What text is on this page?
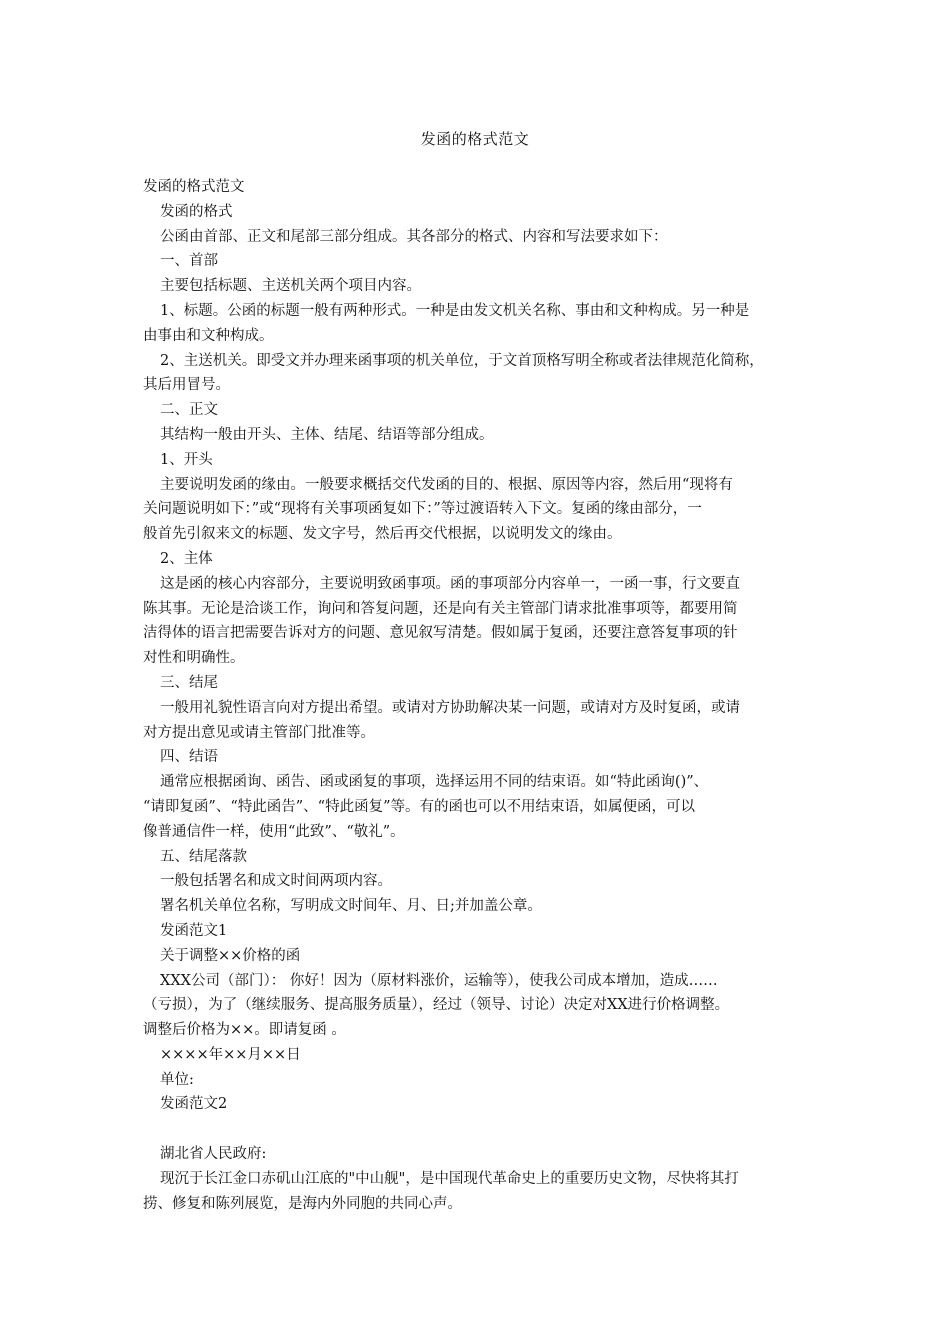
发函的格式范文
发函的格式范文
发函的格式
公函由首部、正文和尾部三部分组成。其各部分的格式、内容和写法要求如下：
一、首部
主要包括标题、主送机关两个项目内容。
1、标题。公函的标题一般有两种形式。一种是由发文机关名称、事由和文种构成。另一种是
由事由和文种构成。
2、主送机关。即受文并办理来函事项的机关单位，于文首顶格写明全称或者法律规范化简称，
其后用冒号。
二、正文
其结构一般由开头、主体、结尾、结语等部分组成。
1、开头
主要说明发函的缘由。一般要求概括交代发函的目的、根据、原因等内容，然后用“现将有
关问题说明如下：”或“现将有关事项函复如下：”等过渡语转入下文。复函的缘由部分，一
般首先引叙来文的标题、发文字号，然后再交代根据，以说明发文的缘由。
2、主体
这是函的核心内容部分，主要说明致函事项。函的事项部分内容单一，一函一事，行文要直
陈其事。无论是洽谈工作，询问和答复问题，还是向有关主管部门请求批准事项等，都要用简
洁得体的语言把需要告诉对方的问题、意见叙写清楚。假如属于复函，还要注意答复事项的针
对性和明确性。
三、结尾
一般用礼貌性语言向对方提出希望。或请对方协助解决某一问题，或请对方及时复函，或请
对方提出意见或请主管部门批准等。
四、结语
通常应根据函询、函告、函或函复的事项，选择运用不同的结束语。如“特此函询()”、
“请即复函”、“特此函告”、“特此函复”等。有的函也可以不用结束语，如属便函，可以
像普通信件一样，使用“此致”、“敬礼”。
五、结尾落款
一般包括署名和成文时间两项内容。
署名机关单位名称，写明成文时间年、月、日;并加盖公章。
发函范文1
关于调整××价格的函
XXX公司（部门）： 你好！因为（原材料涨价，运输等），使我公司成本增加，造成……
（亏损），为了（继续服务、提高服务质量），经过（领导、讨论）决定对XX进行价格调整。
调整后价格为××。即请复函 。
××××年××月××日
单位:
发函范文2
湖北省人民政府:
现沉于长江金口赤矶山江底的"中山舰"，是中国现代革命史上的重要历史文物，尽快将其打
捞、修复和陈列展览，是海内外同胞的共同心声。
